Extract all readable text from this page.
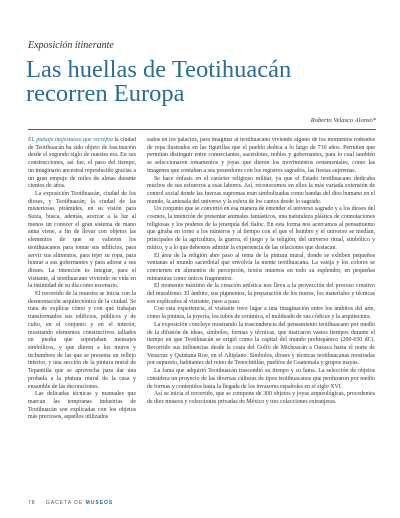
Exposición itinerante
Las huellas de Teotihuacán
recorren Europa
Roberto Velasco Alonso*

EL paisaje majestuoso que recrefoa la ciudad de Teotihuacán ha sido objeto de fascinación desde el segundo siglo de nuestra era. En sus construcciones, así fue, el paso del tiempo, un imaginario ancestral reproducido gracias a un gran empuje de miles de almas durante cientos de años.

La exposición Teotihuacán, ciudad de los dioses, y Teotihuacán, la ciudad de las misteriosas pirámides, en su visión para Suiza, busca, además, acercar a la luz al menos un conocer el gran sistema de mano anna viene, a fin de llevar con objetos las elementos de que se valieron los teotihuacanos para tomar sus edificios, para servir sus alimentos, para tejer su ropa, para honrar a sus gobernantes y para adorar a sus dioses. La intención es integrar, para el visitante, al teotihuacano viviendo su vida en la intimidad de su día como escenario.

El recorrido de la muestra se inicia con la desmontación arquitectónica de la ciudad. Se trata de explicar cómo y con qué trabajan transformados sus edificios, públicos y de culto, en el conjunto y en el interior, mostrando elementos constructivos tallados en piedra que soportaban mensajes simbólicos, y que dieron a los muros y techumbres de las que se presenta un reflejo interior, y una sección de la pintura mural de Tepantitla que se aprovecha para dar una probada a la pintura mural de la casa y ensamble de las decoraciones.

Las delicadas técnicas y manuales que marcan las tempranas industrias de Teotihuacán son explicadas con los objetos más preciosos, aquellos utilizados

sados en los palacios, para imaginar al teotihuacano viviendo alguno de los momentos rodeados de ropa ilustrados en las figurillas que el pueblo dedica a lo largo de 710 años. Permiten que permitan distinguir entre comerciantes, sacerdotes, nobles y gobernantes, para lo cual también se seleccionaron ornamentos y joyas que dieron los movimientos ornamentales, como las imágenes que contaban a sus poseedores con los registros sagrados, las fiestas supremas.

Se hace énfasis en el carácter religioso militar, ya que el Estado teotihuacano dedicaba muchos de sus esfuerzos a esas labores. Así, reconocemos en ellos la más variada extensión de control social donde las fuerzas supremas eran simbolizadas como bandas del dios humano en el mundo, la antesala del universo y la esfera de los cantos desde lo sagrado.

Un conjunto que se convirtió en esa manera de entender el universo sagrado y a los dioses del cosmos, la intención de presentar animales fantásticos, una naturaleza plástica de connotaciones religiosas y los poderes de la jerarquía del tlaloc. En esta forma nos acercamos al pensamiento que giraba en torno a los números y al tiempo con el que el hombre y el universo se medían, principales de la agricultura, la guerra, el juego y la religión, del universo ritual, simbólico y mítico, y a lo que debemos admitir la experiencia de las relaciones que destacan.

El área de la religión abre paso al tema de la pintura mural, donde se exhiben pequeños ventanas al mundo sacerdotal que envolvía la mente teotihuacana. La vasija y los colores se convierten en alimentos de percepción, textos muertos en todo su esplendor, en pequeñas miniaturas como únicos fragmentos.

El momento máximo de la creación artística nos lleva a la proyección del proceso creativo del muralismo. El ámbito, sus pigmentos, la preparación de los muros, los materiales y técnicas son explicados al visitante, paso a paso.

Con esta experiencia, el visitante tuvo lugar a una imaginación entre los ámbitos del arte, como la pintura, la joyería, los tubos de cerámica, el moldeado de sus códices y la arquitectura.

La exposición concluye mostrando la trascendencia del pensamiento teotihuacano por medio de la difusión de ideas, símbolos, formas y técnicas, que marcaron vastos tiempos durante el tiempo en que Teotihuacán se erigió como la capital del mundo prehispánico (200-650 dC). Recorrido sus influencias desde la costa del Golfo de Michoacán a Oaxaca hasta el norte de Veracruz y Quintana Roo, en el Altiplano. Símbolos, dioses y técnicas teotihuacanas mostradas por supuesto, habitantes del reino de Tenochtitlán, pueblos de Guatemala y grupos mayas.

La fama que adquirió Teotihuacán trascendió su tiempo y su fama. La selección de objetos considera un proyecto de las diversas culturas de tipos teotihuacanos que perduraron por medio de formas y contenidos hasta la llegada de los invasores españoles en el siglo XVI.

Así se inicia el recorrido, que se compone de 300 objetos y joyas arqueológicas, procedentes de diez museos y colecciones privadas de México y tres colecciones extranjeras.

78 GACETA DE MUSEOS
